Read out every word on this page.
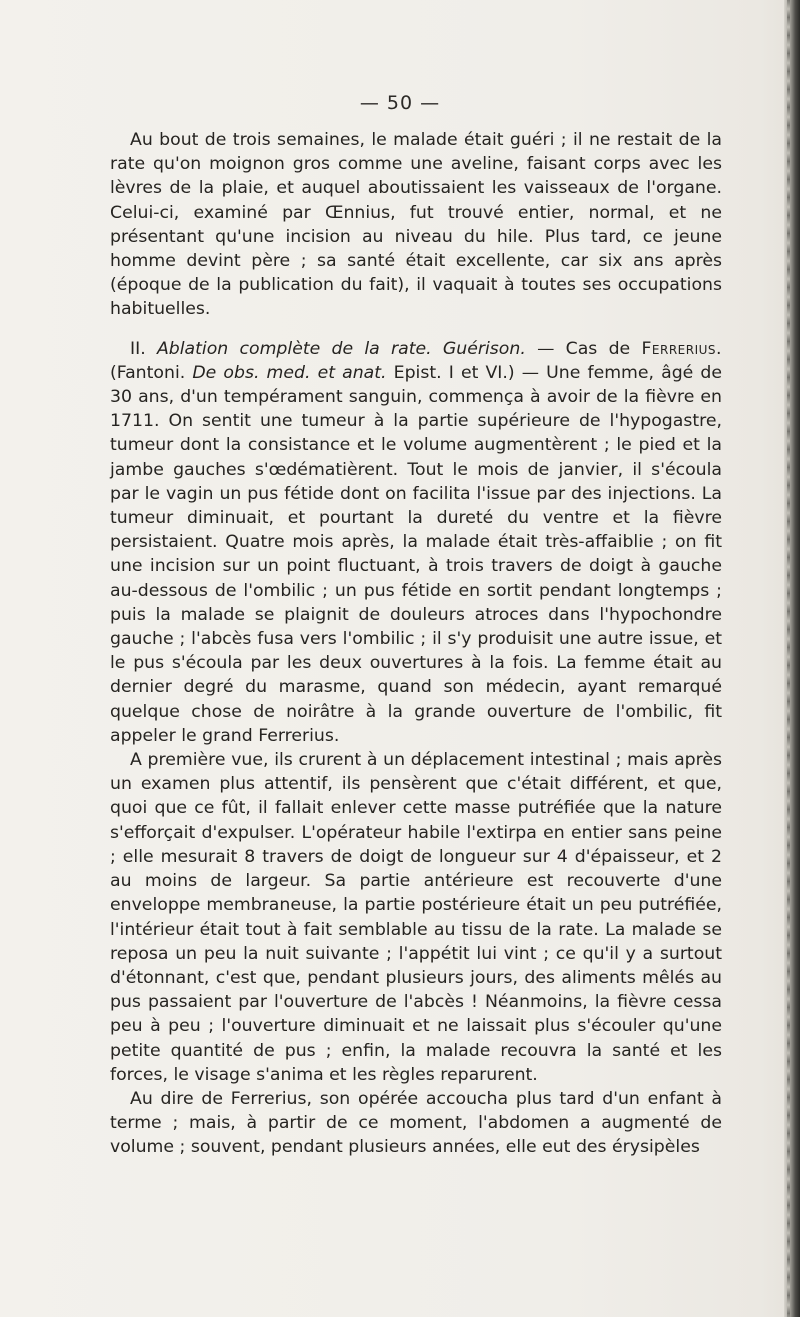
— 50 —

Au bout de trois semaines, le malade était guéri ; il ne restait de la rate qu'on moignon gros comme une aveline, faisant corps avec les lèvres de la plaie, et auquel aboutissaient les vaisseaux de l'organe. Celui-ci, examiné par Œnnius, fut trouvé entier, normal, et ne présentant qu'une incision au niveau du hile. Plus tard, ce jeune homme devint père ; sa santé était excellente, car six ans après (époque de la publication du fait), il vaquait à toutes ses occupations habituelles.

II. Ablation complète de la rate. Guérison. — Cas de Ferrerius. (Fantoni. De obs. med. et anat. Epist. I et VI.) — Une femme, âgé de 30 ans, d'un tempérament sanguin, commença à avoir de la fièvre en 1711. On sentit une tumeur à la partie supérieure de l'hypogastre, tumeur dont la consistance et le volume augmentèrent ; le pied et la jambe gauches s'œdématièrent. Tout le mois de janvier, il s'écoula par le vagin un pus fétide dont on facilita l'issue par des injections. La tumeur diminuait, et pourtant la dureté du ventre et la fièvre persistaient. Quatre mois après, la malade était très-affaiblie ; on fit une incision sur un point fluctuant, à trois travers de doigt à gauche au-dessous de l'ombilic ; un pus fétide en sortit pendant longtemps ; puis la malade se plaignit de douleurs atroces dans l'hypochondre gauche ; l'abcès fusa vers l'ombilic ; il s'y produisit une autre issue, et le pus s'écoula par les deux ouvertures à la fois. La femme était au dernier degré du marasme, quand son médecin, ayant remarqué quelque chose de noirâtre à la grande ouverture de l'ombilic, fit appeler le grand Ferrerius.

A première vue, ils crurent à un déplacement intestinal ; mais après un examen plus attentif, ils pensèrent que c'était différent, et que, quoi que ce fût, il fallait enlever cette masse putréfiée que la nature s'efforçait d'expulser. L'opérateur habile l'extirpa en entier sans peine ; elle mesurait 8 travers de doigt de longueur sur 4 d'épaisseur, et 2 au moins de largeur. Sa partie antérieure est recouverte d'une enveloppe membraneuse, la partie postérieure était un peu putréfiée, l'intérieur était tout à fait semblable au tissu de la rate. La malade se reposa un peu la nuit suivante ; l'appétit lui vint ; ce qu'il y a surtout d'étonnant, c'est que, pendant plusieurs jours, des aliments mêlés au pus passaient par l'ouverture de l'abcès ! Néanmoins, la fièvre cessa peu à peu ; l'ouverture diminuait et ne laissait plus s'écouler qu'une petite quantité de pus ; enfin, la malade recouvra la santé et les forces, le visage s'anima et les règles reparurent.

Au dire de Ferrerius, son opérée accoucha plus tard d'un enfant à terme ; mais, à partir de ce moment, l'abdomen a augmenté de volume ; souvent, pendant plusieurs années, elle eut des érysipèles
